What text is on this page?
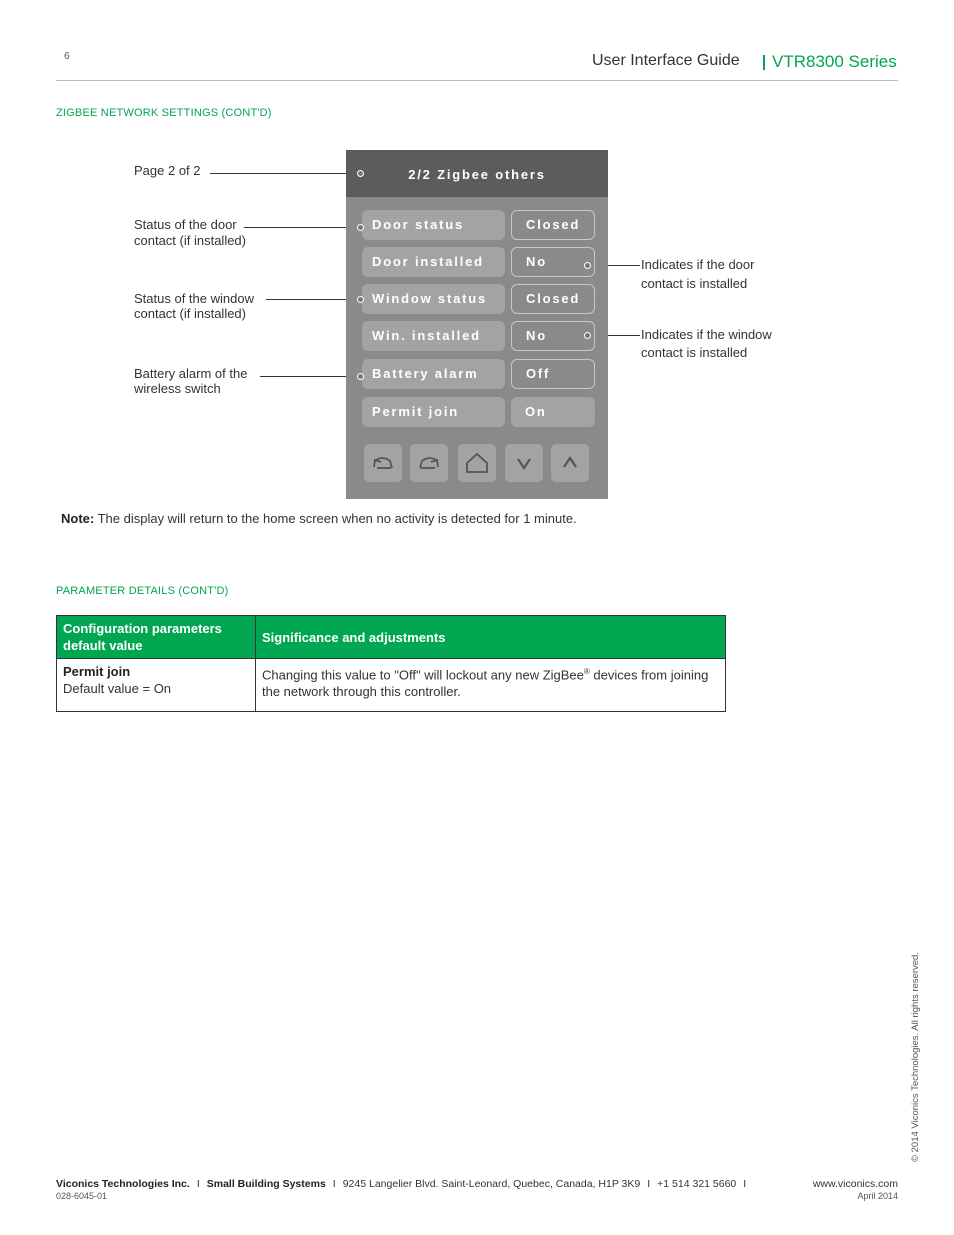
6	User Interface Guide VTR8300 Series
ZIGBEE NETWORK SETTINGS (CONT'D)
Page 2 of 2
Status of the door
contact (if installed)
Status of the window
contact (if installed)
Battery alarm of the
wireless switch
Indicates if the door
contact is installed
Indicates if the window
contact is installed
2/2 Zigbee others
Door status	Closed
Door installed	No
Window status	Closed
Win. installed	No
Battery alarm	Off
Permit join	On
Note: The display will return to the home screen when no activity is detected for 1 minute.
PARAMETER DETAILS (CONT'D)
Configuration parameters default value	Significance and adjustments

Permit join
Default value = On	Changing this value to "Off" will lockout any new ZigBee® devices from joining the network through this controller.
© 2014 Viconics Technologies. All rights reserved.
Viconics Technologies Inc. I Small Building Systems I 9245 Langelier Blvd. Saint-Leonard, Quebec, Canada, H1P 3K9 I +1 514 321 5660 I	www.viconics.com
028-6045-01	April 2014
